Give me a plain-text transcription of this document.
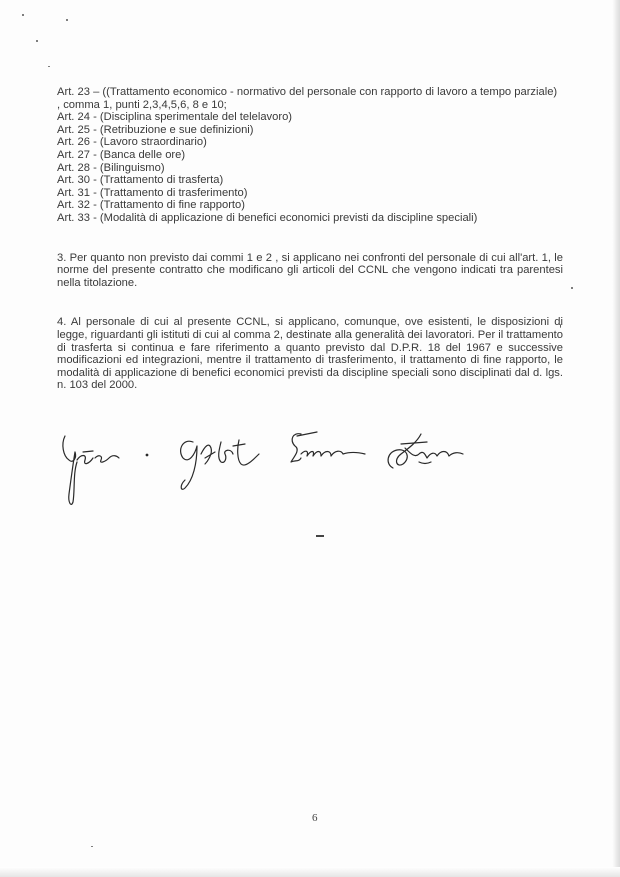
Art. 23 – ((Trattamento economico - normativo del personale con rapporto di lavoro a tempo parziale) , comma 1, punti 2,3,4,5,6, 8 e 10;
Art. 24 - (Disciplina sperimentale del telelavoro)
Art. 25 - (Retribuzione e sue definizioni)
Art. 26 - (Lavoro straordinario)
Art. 27 - (Banca delle ore)
Art. 28 - (Bilinguismo)
Art. 30 - (Trattamento di trasferta)
Art. 31 - (Trattamento di trasferimento)
Art. 32 - (Trattamento di fine rapporto)
Art. 33 - (Modalità di applicazione di benefici economici previsti da discipline speciali)

3. Per quanto non previsto dai commi 1 e 2 , si applicano nei confronti del personale di cui all'art. 1, le norme del presente contratto che modificano gli articoli del CCNL che vengono indicati tra parentesi nella titolazione.

4. Al personale di cui al presente CCNL, si applicano, comunque, ove esistenti, le disposizioni di legge, riguardanti gli istituti di cui al comma 2, destinate alla generalità dei lavoratori. Per il trattamento di trasferta si continua e fare riferimento a quanto previsto dal D.P.R. 18 del 1967 e successive modificazioni ed integrazioni, mentre il trattamento di trasferimento, il trattamento di fine rapporto, le modalità di applicazione di benefici economici previsti da discipline speciali sono disciplinati dal d. lgs. n. 103 del 2000.

6
